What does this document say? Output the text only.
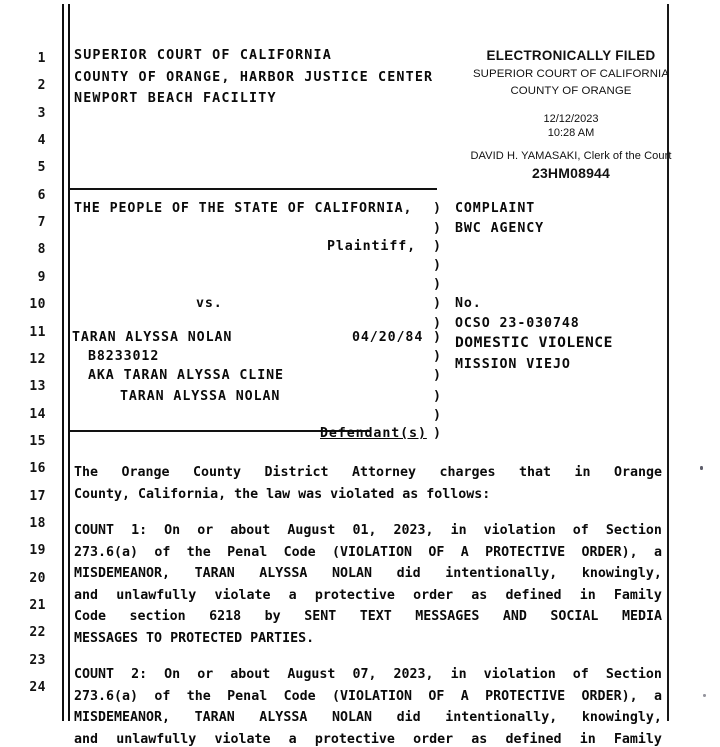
1
2
3
4
5
6
7
8
9
10
11
12
13
14
15
16
17
18
19
20
21
22
23
24
SUPERIOR COURT OF CALIFORNIA
COUNTY OF ORANGE, HARBOR JUSTICE CENTER
NEWPORT BEACH FACILITY
ELECTRONICALLY FILED
SUPERIOR COURT OF CALIFORNIA
COUNTY OF ORANGE
12/12/2023
10:28 AM
DAVID H. YAMASAKI, Clerk of the Court
23HM08944
THE PEOPLE OF THE STATE OF CALIFORNIA,
Plaintiff,
vs.
TARAN ALYSSA NOLAN	04/20/84
B8233012
AKA TARAN ALYSSA CLINE
TARAN ALYSSA NOLAN
Defendant(s)
)
)
)
)
)
)
)
)
)
)
)
)
)
COMPLAINT
BWC AGENCY
No.
OCSO 23-030748
DOMESTIC VIOLENCE
MISSION VIEJO
The Orange County District Attorney charges that in Orange
County, California, the law was violated as follows:
COUNT 1: On or about August 01, 2023, in violation of Section
273.6(a) of the Penal Code (VIOLATION OF A PROTECTIVE ORDER), a
MISDEMEANOR, TARAN ALYSSA NOLAN did intentionally, knowingly,
and unlawfully violate a protective order as defined in Family
Code section 6218 by SENT TEXT MESSAGES AND SOCIAL MEDIA
MESSAGES TO PROTECTED PARTIES.
COUNT 2: On or about August 07, 2023, in violation of Section
273.6(a) of the Penal Code (VIOLATION OF A PROTECTIVE ORDER), a
MISDEMEANOR, TARAN ALYSSA NOLAN did intentionally, knowingly,
and unlawfully violate a protective order as defined in Family
